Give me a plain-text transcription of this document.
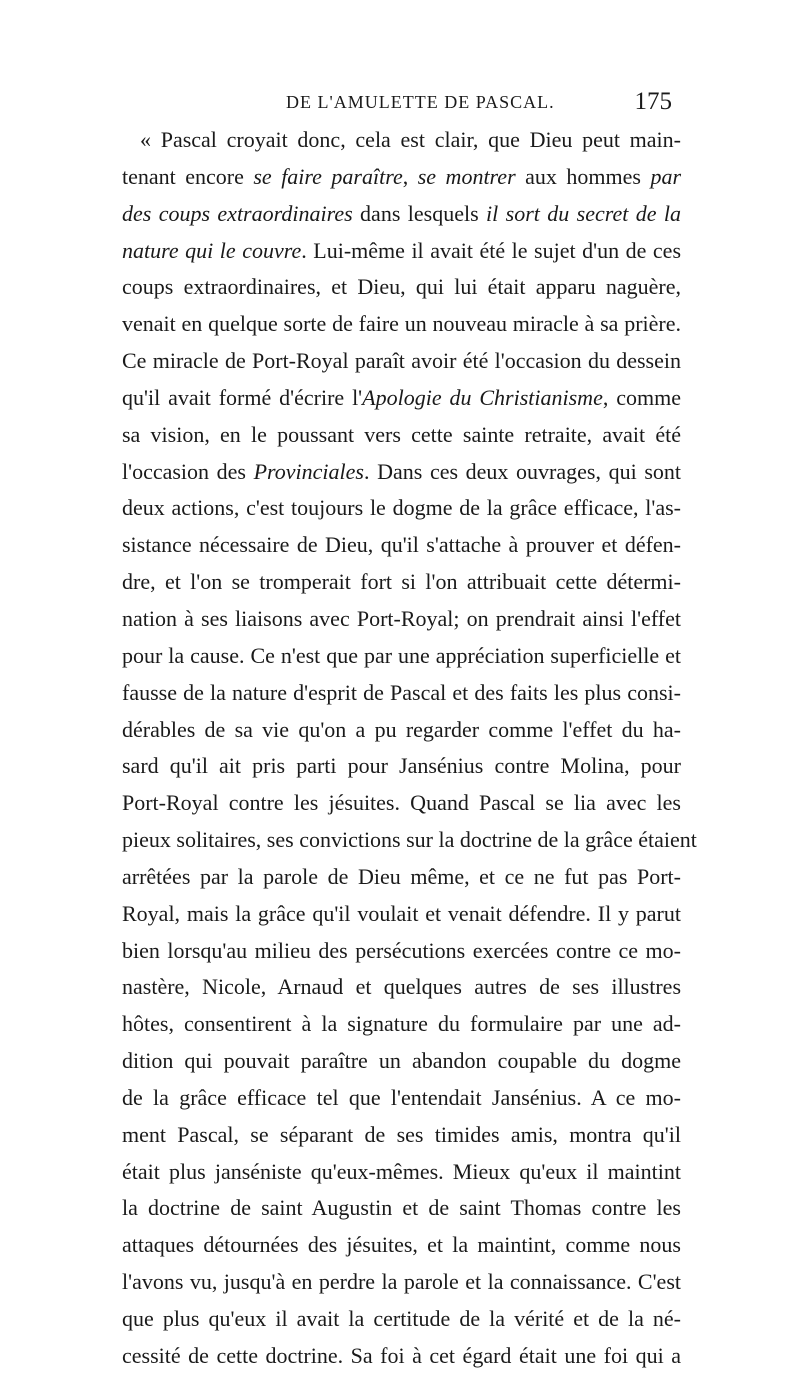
DE L'AMULETTE DE PASCAL.	175
« Pascal croyait donc, cela est clair, que Dieu peut main-
tenant encore se faire paraître, se montrer aux hommes par
des coups extraordinaires dans lesquels il sort du secret de la
nature qui le couvre. Lui-même il avait été le sujet d'un de ces
coups extraordinaires, et Dieu, qui lui était apparu naguère,
venait en quelque sorte de faire un nouveau miracle à sa prière.
Ce miracle de Port-Royal paraît avoir été l'occasion du dessein
qu'il avait formé d'écrire l'Apologie du Christianisme, comme
sa vision, en le poussant vers cette sainte retraite, avait été
l'occasion des Provinciales. Dans ces deux ouvrages, qui sont
deux actions, c'est toujours le dogme de la grâce efficace, l'as-
sistance nécessaire de Dieu, qu'il s'attache à prouver et défen-
dre, et l'on se tromperait fort si l'on attribuait cette détermi-
nation à ses liaisons avec Port-Royal; on prendrait ainsi l'effet
pour la cause. Ce n'est que par une appréciation superficielle et
fausse de la nature d'esprit de Pascal et des faits les plus consi-
dérables de sa vie qu'on a pu regarder comme l'effet du ha-
sard qu'il ait pris parti pour Jansénius contre Molina, pour
Port-Royal contre les jésuites. Quand Pascal se lia avec les
pieux solitaires, ses convictions sur la doctrine de la grâce étaient
arrêtées par la parole de Dieu même, et ce ne fut pas Port-
Royal, mais la grâce qu'il voulait et venait défendre. Il y parut
bien lorsqu'au milieu des persécutions exercées contre ce mo-
nastère, Nicole, Arnaud et quelques autres de ses illustres
hôtes, consentirent à la signature du formulaire par une ad-
dition qui pouvait paraître un abandon coupable du dogme
de la grâce efficace tel que l'entendait Jansénius. A ce mo-
ment Pascal, se séparant de ses timides amis, montra qu'il
était plus janséniste qu'eux-mêmes. Mieux qu'eux il maintint
la doctrine de saint Augustin et de saint Thomas contre les
attaques détournées des jésuites, et la maintint, comme nous
l'avons vu, jusqu'à en perdre la parole et la connaissance. C'est
que plus qu'eux il avait la certitude de la vérité et de la né-
cessité de cette doctrine. Sa foi à cet égard était une foi qui a
